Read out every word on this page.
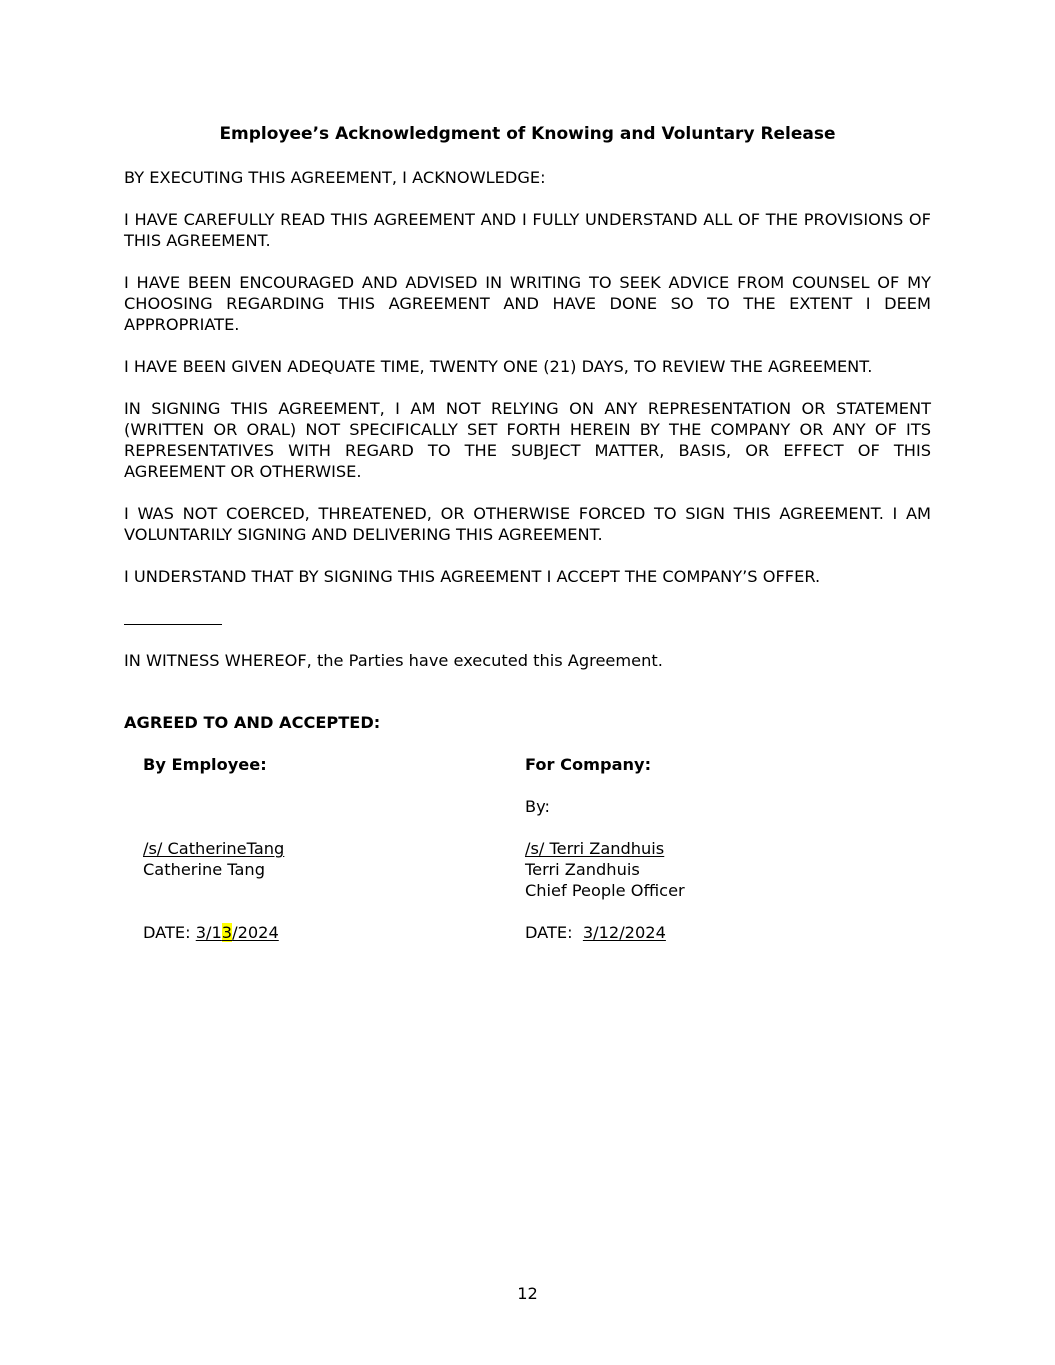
Employee’s Acknowledgment of Knowing and Voluntary Release

BY EXECUTING THIS AGREEMENT, I ACKNOWLEDGE:

I HAVE CAREFULLY READ THIS AGREEMENT AND I FULLY UNDERSTAND ALL OF THE PROVISIONS OF THIS AGREEMENT.

I HAVE BEEN ENCOURAGED AND ADVISED IN WRITING TO SEEK ADVICE FROM COUNSEL OF MY CHOOSING REGARDING THIS AGREEMENT AND HAVE DONE SO TO THE EXTENT I DEEM APPROPRIATE.

I HAVE BEEN GIVEN ADEQUATE TIME, TWENTY ONE (21) DAYS, TO REVIEW THE AGREEMENT.

IN SIGNING THIS AGREEMENT, I AM NOT RELYING ON ANY REPRESENTATION OR STATEMENT (WRITTEN OR ORAL) NOT SPECIFICALLY SET FORTH HEREIN BY THE COMPANY OR ANY OF ITS REPRESENTATIVES WITH REGARD TO THE SUBJECT MATTER, BASIS, OR EFFECT OF THIS AGREEMENT OR OTHERWISE.

I WAS NOT COERCED, THREATENED, OR OTHERWISE FORCED TO SIGN THIS AGREEMENT. I AM VOLUNTARILY SIGNING AND DELIVERING THIS AGREEMENT.

I UNDERSTAND THAT BY SIGNING THIS AGREEMENT I ACCEPT THE COMPANY’S OFFER.

IN WITNESS WHEREOF, the Parties have executed this Agreement.

AGREED TO AND ACCEPTED:

By Employee:
/s/ CatherineTang
Catherine Tang
DATE: 3/13/2024
For Company:
By:
/s/ Terri Zandhuis
Terri Zandhuis
Chief People Officer
DATE: 3/12/2024
12
